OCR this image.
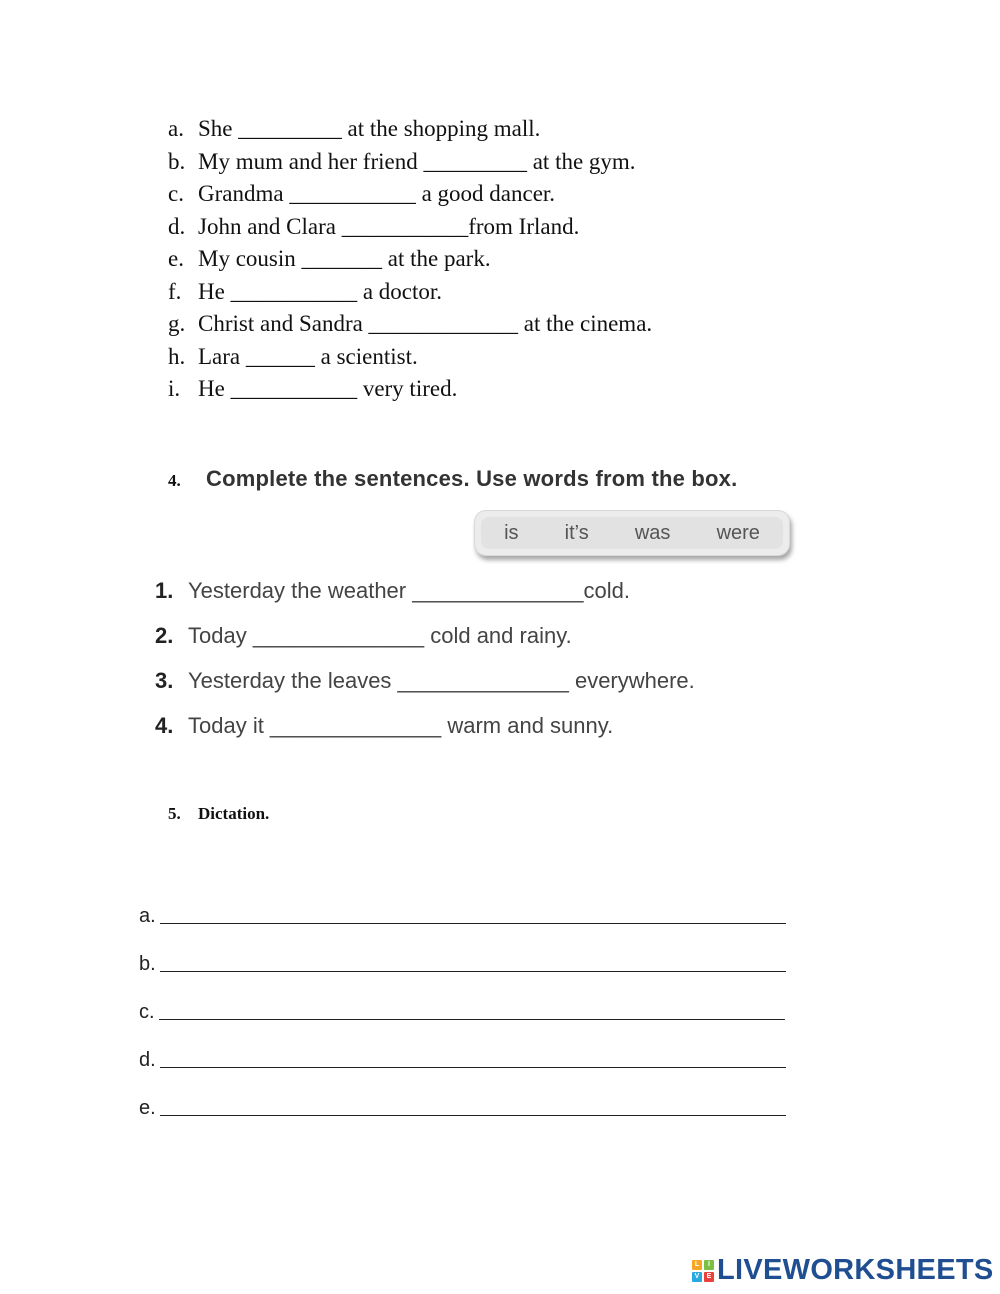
a. She _________ at the shopping mall.
b. My mum and her friend _________ at the gym.
c. Grandma ___________ a good dancer.
d. John and Clara ___________from Irland.
e. My cousin _______ at the park.
f. He ___________ a doctor.
g. Christ and Sandra _____________ at the cinema.
h. Lara ______ a scientist.
i. He ___________ very tired.
4.	Complete the sentences. Use words from the box.
is it’s was were
1. Yesterday the weather ______________cold.
2. Today ______________ cold and rainy.
3. Yesterday the leaves ______________ everywhere.
4. Today it ______________ warm and sunny.
5.	Dictation.
a.
b.
c.
d.
e.
L	I
V	E LIVEWORKSHEETS
